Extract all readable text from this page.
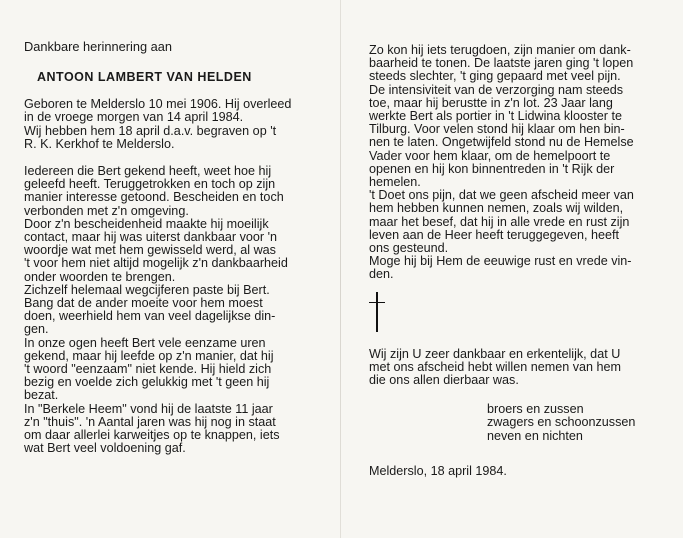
Dankbare herinnering aan
ANTOON LAMBERT VAN HELDEN
Geboren te Melderslo 10 mei 1906. Hij overleed
in de vroege morgen van 14 april 1984.
Wij hebben hem 18 april d.a.v. begraven op 't
R. K. Kerkhof te Melderslo.
Iedereen die Bert gekend heeft, weet hoe hij
geleefd heeft. Teruggetrokken en toch op zijn
manier interesse getoond. Bescheiden en toch
verbonden met z'n omgeving.
Door z'n bescheidenheid maakte hij moeilijk
contact, maar hij was uiterst dankbaar voor 'n
woordje wat met hem gewisseld werd, al was
't voor hem niet altijd mogelijk z'n dankbaarheid
onder woorden te brengen.
Zichzelf helemaal wegcijferen paste bij Bert.
Bang dat de ander moeite voor hem moest
doen, weerhield hem van veel dagelijkse din-
gen.
In onze ogen heeft Bert vele eenzame uren
gekend, maar hij leefde op z'n manier, dat hij
't woord "eenzaam" niet kende. Hij hield zich
bezig en voelde zich gelukkig met 't geen hij
bezat.
In "Berkele Heem" vond hij de laatste 11 jaar
z'n "thuis". 'n Aantal jaren was hij nog in staat
om daar allerlei karweitjes op te knappen, iets
wat Bert veel voldoening gaf.
Zo kon hij iets terugdoen, zijn manier om dank-
baarheid te tonen. De laatste jaren ging 't lopen
steeds slechter, 't ging gepaard met veel pijn.
De intensiviteit van de verzorging nam steeds
toe, maar hij berustte in z'n lot. 23 Jaar lang
werkte Bert als portier in 't Lidwina klooster te
Tilburg. Voor velen stond hij klaar om hen bin-
nen te laten. Ongetwijfeld stond nu de Hemelse
Vader voor hem klaar, om de hemelpoort te
openen en hij kon binnentreden in 't Rijk der
hemelen.
't Doet ons pijn, dat we geen afscheid meer van
hem hebben kunnen nemen, zoals wij wilden,
maar het besef, dat hij in alle vrede en rust zijn
leven aan de Heer heeft teruggegeven, heeft
ons gesteund.
Moge hij bij Hem de eeuwige rust en vrede vin-
den.
Wij zijn U zeer dankbaar en erkentelijk, dat U
met ons afscheid hebt willen nemen van hem
die ons allen dierbaar was.
broers en zussen
zwagers en schoonzussen
neven en nichten
Melderslo, 18 april 1984.
